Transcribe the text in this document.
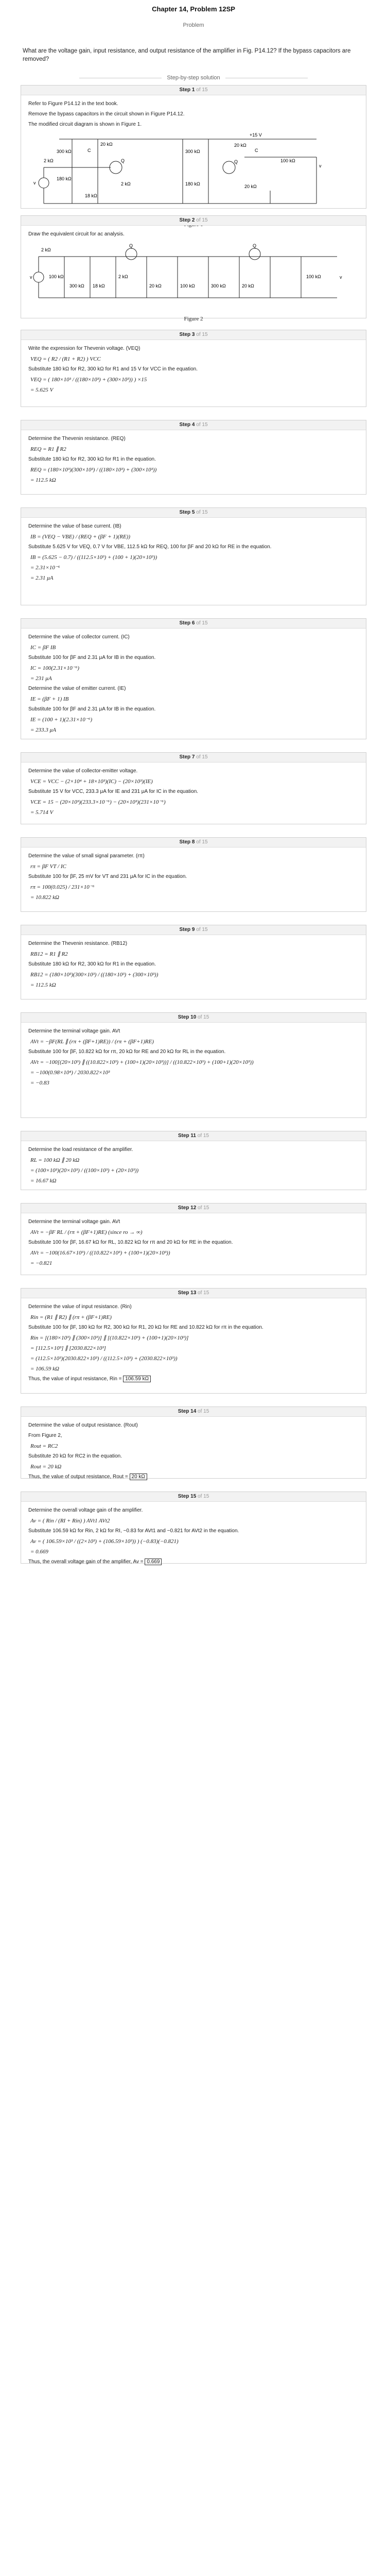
Chapter 14, Problem 12SP
Problem
What are the voltage gain, input resistance, and output resistance of the amplifier in Fig. P14.12? If the bypass capacitors are removed?
Step-by-step solution
Step 1 of 15

Refer to Figure P14.12 in the text book.

Remove the bypass capacitors in the circuit shown in Figure P14.12.

The modified circuit diagram is shown in Figure 1.

300 kΩ
20 kΩ
C
2 kΩ
v
180 kΩ
18 kΩ
2 kΩ
300 kΩ
20 kΩ
C
100 kΩ
180 kΩ	20 kΩ
+15 V
Q	Q
v
Step 2 of 15

Draw the equivalent circuit for ac analysis.

2 kΩ
100 kΩ
300 kΩ 18 kΩ
2 kΩ
20 kΩ	100 kΩ	300 kΩ	20 kΩ
100 kΩ
Q	Q
v	v
Figure 2
Step 3 of 15

Write the expression for Thevenin voltage. (VEQ)

VEQ = ( R2 / (R1 + R2) ) VCC

Substitute 180 kΩ for R2, 300 kΩ for R1 and 15 V for VCC in the equation.

VEQ = ( 180×10³ / ((180×10³) + (300×10³)) ) ×15
= 5.625 V
Step 4 of 15

Determine the Thevenin resistance. (REQ)

REQ = R1 ∥ R2

Substitute 180 kΩ for R2, 300 kΩ for R1 in the equation.

REQ = (180×10³)(300×10³) / ((180×10³) + (300×10³))
= 112.5 kΩ
Step 5 of 15

Determine the value of base current. (IB)

IB = (VEQ − VBE) / (REQ + (βF + 1)(RE))

Substitute 5.625 V for VEQ, 0.7 V for VBE, 112.5 kΩ for REQ, 100 for βF and 20 kΩ for RE in the equation.

IB = (5.625 − 0.7) / ((112.5×10³) + (100 + 1)(20×10³))
= 2.31×10⁻⁶
= 2.31 μA
Step 6 of 15

Determine the value of collector current. (IC)

IC = βF IB

Substitute 100 for βF and 2.31 μA for IB in the equation.

IC = 100(2.31×10⁻⁶)
= 231 μA

Determine the value of emitter current. (IE)

IE = (βF + 1) IB

Substitute 100 for βF and 2.31 μA for IB in the equation.

IE = (100 + 1)(2.31×10⁻⁶)
= 233.3 μA
Step 7 of 15

Determine the value of collector-emitter voltage.

VCE = VCC − (2×10⁴ + 18×10³)(IC) − (20×10³)(IE)

Substitute 15 V for VCC, 233.3 μA for IE and 231 μA for IC in the equation.

VCE = 15 − (20×10³)(233.3×10⁻⁶) − (20×10³)(231×10⁻⁶)
= 5.714 V
Step 8 of 15

Determine the value of small signal parameter. (rπ)

rπ = βF VT / IC

Substitute 100 for βF, 25 mV for VT and 231 μA for IC in the equation.

rπ = 100(0.025) / 231×10⁻⁶
= 10.822 kΩ
Step 9 of 15

Determine the Thevenin resistance. (RB12)

RB12 = R1 ∥ R2

Substitute 180 kΩ for R2, 300 kΩ for R1 in the equation.

RB12 = (180×10³)(300×10³) / ((180×10³) + (300×10³))
= 112.5 kΩ
Step 10 of 15

Determine the terminal voltage gain. AVt

AVt = −βF(RL ∥ (rπ + (βF+1)RE)) / (rπ + (βF+1)RE)

Substitute 100 for βF, 10.822 kΩ for rπ, 20 kΩ for RE and 20 kΩ for RL in the equation.

AVt = −100[(20×10³) ∥ ((10.822×10³) + (100+1)(20×10³))] / ((10.822×10³) + (100+1)(20×10³))
= −100(0.98×10⁴) / 2030.822×10³
= −0.83
Step 11 of 15

Determine the load resistance of the amplifier.

RL = 100 kΩ ∥ 20 kΩ
= (100×10³)(20×10³) / ((100×10³) + (20×10³))
= 16.67 kΩ
Step 12 of 15

Determine the terminal voltage gain. AVt

AVt = −βF RL / (rπ + (βF+1)RE) (since ro → ∞)

Substitute 100 for βF, 16.67 kΩ for RL, 10.822 kΩ for rπ and 20 kΩ for RE in the equation.

AVt = −100(16.67×10³) / ((10.822×10³) + (100+1)(20×10³))
= −0.821
Step 13 of 15

Determine the value of input resistance. (Rin)

Rin = (R1 ∥ R2) ∥ (rπ + (βF+1)RE)

Substitute 100 for βF, 180 kΩ for R2, 300 kΩ for R1, 20 kΩ for RE and 10.822 kΩ for rπ in the equation.

Rin = [(180×10³) ∥ (300×10³)] ∥ [(10.822×10³) + (100+1)(20×10³)]
= [112.5×10³] ∥ [2030.822×10³]
= (112.5×10³)(2030.822×10³) / ((112.5×10³) + (2030.822×10³))
= 106.59 kΩ

Thus, the value of input resistance, Rin = 106.59 kΩ

Step 14 of 15

Determine the value of output resistance. (Rout)

From Figure 2,

Rout = RC2

Substitute 20 kΩ for RC2 in the equation.

Rout = 20 kΩ

Thus, the value of output resistance, Rout = 20 kΩ

Step 15 of 15

Determine the overall voltage gain of the amplifier.

Av = ( Rin / (RI + Rin) ) AVt1 AVt2

Substitute 106.59 kΩ for Rin, 2 kΩ for RI, −0.83 for AVt1 and −0.821 for AVt2 in the equation.

Av = ( 106.59×10³ / ((2×10³) + (106.59×10³)) ) (−0.83)(−0.821)
= 0.669

Thus, the overall voltage gain of the amplifier, Av = 0.669
